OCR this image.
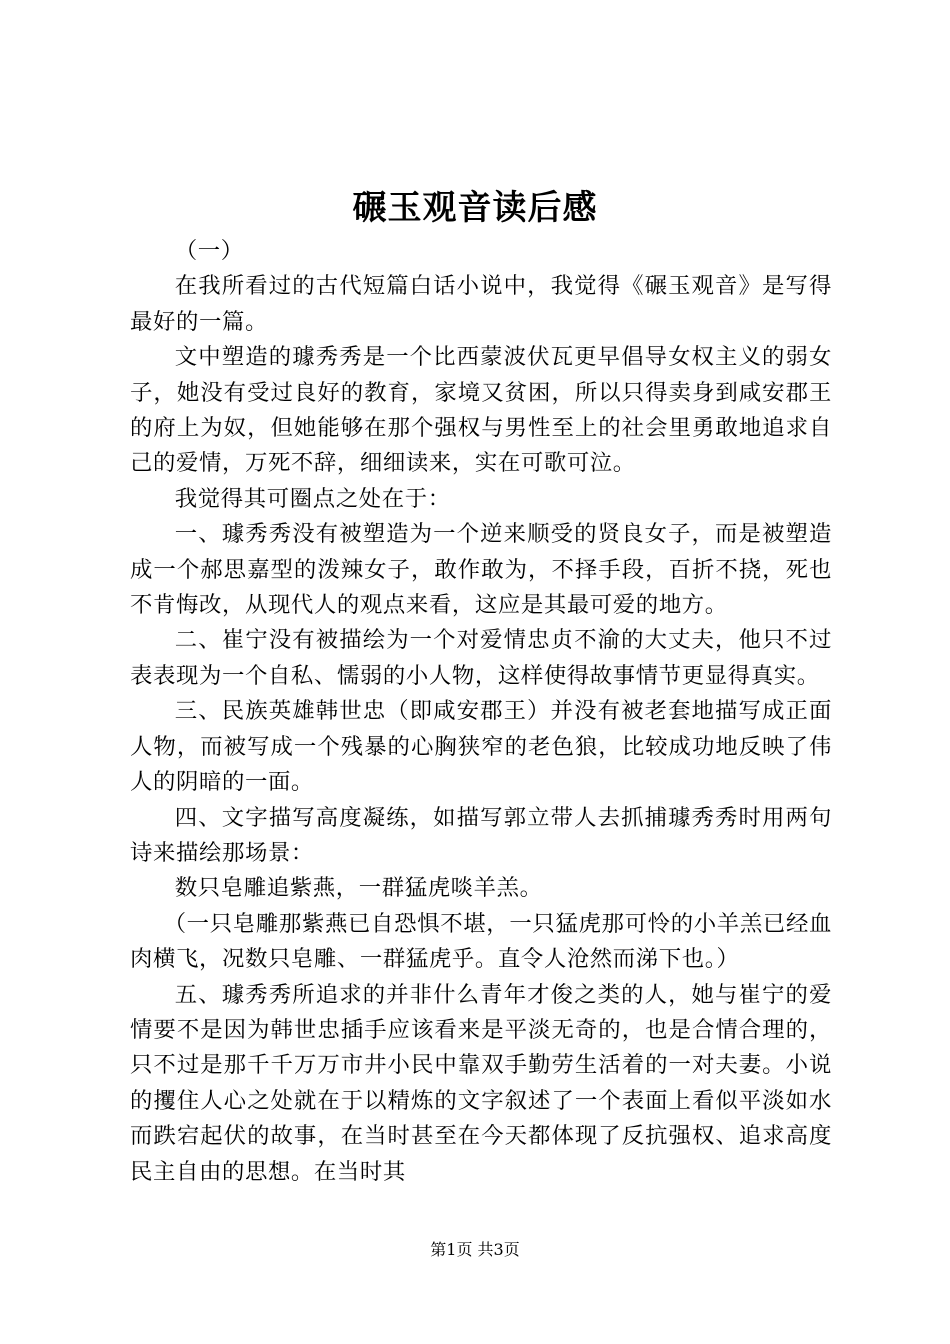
碾玉观音读后感

（一）

在我所看过的古代短篇白话小说中，我觉得《碾玉观音》是写得最好的一篇。

文中塑造的璩秀秀是一个比西蒙波伏瓦更早倡导女权主义的弱女子，她没有受过良好的教育，家境又贫困，所以只得卖身到咸安郡王的府上为奴，但她能够在那个强权与男性至上的社会里勇敢地追求自己的爱情，万死不辞，细细读来，实在可歌可泣。

我觉得其可圈点之处在于：

一、璩秀秀没有被塑造为一个逆来顺受的贤良女子，而是被塑造成一个郝思嘉型的泼辣女子，敢作敢为，不择手段，百折不挠，死也不肯悔改，从现代人的观点来看，这应是其最可爱的地方。

二、崔宁没有被描绘为一个对爱情忠贞不渝的大丈夫，他只不过表表现为一个自私、懦弱的小人物，这样使得故事情节更显得真实。

三、民族英雄韩世忠（即咸安郡王）并没有被老套地描写成正面人物，而被写成一个残暴的心胸狭窄的老色狼，比较成功地反映了伟人的阴暗的一面。

四、文字描写高度凝练，如描写郭立带人去抓捕璩秀秀时用两句诗来描绘那场景：

数只皂雕追紫燕，一群猛虎啖羊羔。

（一只皂雕那紫燕已自恐惧不堪，一只猛虎那可怜的小羊羔已经血肉横飞，况数只皂雕、一群猛虎乎。直令人沧然而涕下也。）

五、璩秀秀所追求的并非什么青年才俊之类的人，她与崔宁的爱情要不是因为韩世忠插手应该看来是平淡无奇的，也是合情合理的，只不过是那千千万万市井小民中靠双手勤劳生活着的一对夫妻。小说的攫住人心之处就在于以精炼的文字叙述了一个表面上看似平淡如水而跌宕起伏的故事，在当时甚至在今天都体现了反抗强权、追求高度民主自由的思想。在当时其

第1页 共3页
